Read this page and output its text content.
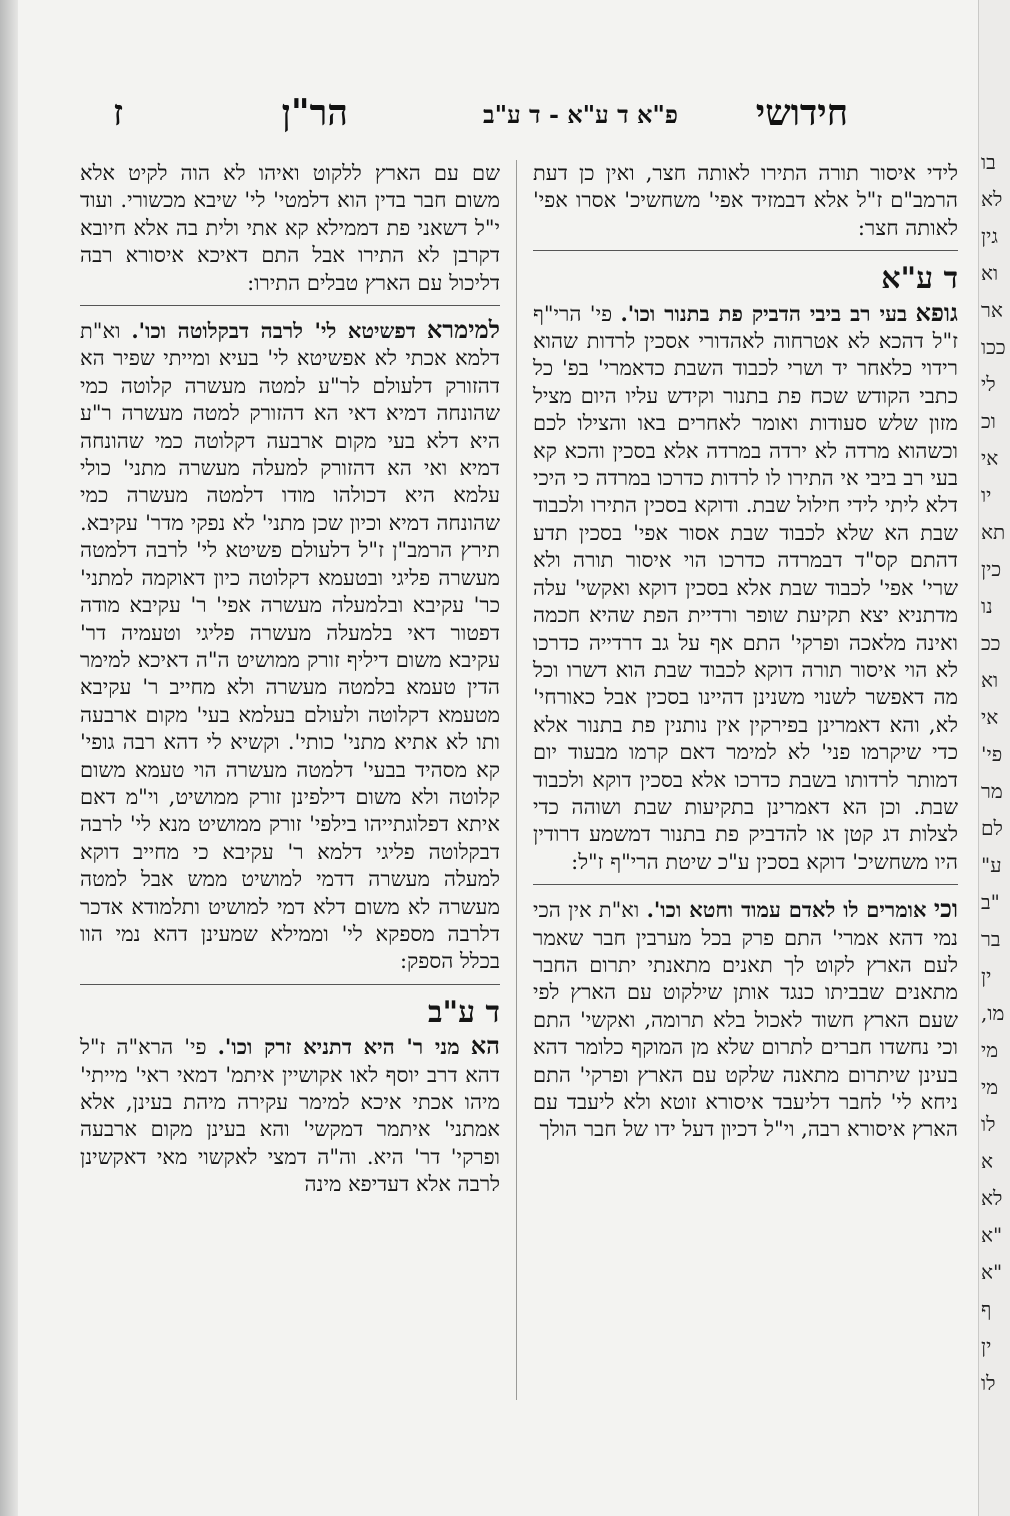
חידושי
פ"א ד ע"א - ד ע"ב
הר"ן
ז

לידי איסור תורה התירו לאותה חצר, ואין כן דעת הרמב"ם ז"ל אלא דבמזיד אפי' משחשיכ' אסרו אפי' לאותה חצר:

ד ע"א

גופא בעי רב ביבי הדביק פת בתנור וכו'. פי' הרי"ף ז"ל דהכא לא אטרחוה לאהדורי אסכין לרדות שהוא רידוי כלאחר יד ושרי לכבוד השבת כדאמרי' בפ' כל כתבי הקודש שכח פת בתנור וקידש עליו היום מציל מזון שלש סעודות ואומר לאחרים באו והצילו לכם וכשהוא מרדה לא ירדה במרדה אלא בסכין והכא קא בעי רב ביבי אי התירו לו לרדות כדרכו במרדה כי היכי דלא ליתי לידי חילול שבת. ודוקא בסכין התירו ולכבוד שבת הא שלא לכבוד שבת אסור אפי' בסכין תדע דהתם קס"ד דבמרדה כדרכו הוי איסור תורה ולא שרי' אפי' לכבוד שבת אלא בסכין דוקא ואקשי' עלה מדתניא יצא תקיעת שופר ורדיית הפת שהיא חכמה ואינה מלאכה ופרקי' התם אף על גב דרדייה כדרכו לא הוי איסור תורה דוקא לכבוד שבת הוא דשרו וכל מה דאפשר לשנוי משנינן דהיינו בסכין אבל כאורחי' לא, והא דאמרינן בפירקין אין נותנין פת בתנור אלא כדי שיקרמו פני' לא למימר דאם קרמו מבעוד יום דמותר לרדותו בשבת כדרכו אלא בסכין דוקא ולכבוד שבת. וכן הא דאמרינן בתקיעות שבת ושוהה כדי לצלות דג קטן או להדביק פת בתנור דמשמע דרודין היו משחשיכ' דוקא בסכין ע"כ שיטת הרי"ף ז"ל:

וכי אומרים לו לאדם עמוד וחטא וכו'. וא"ת אין הכי נמי דהא אמרי' התם פרק בכל מערבין חבר שאמר לעם הארץ לקוט לך תאנים מתאנתי יתרום החבר מתאנים שבביתו כנגד אותן שילקוט עם הארץ לפי שעם הארץ חשוד לאכול בלא תרומה, ואקשי' התם וכי נחשדו חברים לתרום שלא מן המוקף כלומר דהא בעינן שיתרום מתאנה שלקט עם הארץ ופרקי' התם ניחא לי' לחבר דליעבד איסורא זוטא ולא ליעבד עם הארץ איסורא רבה, וי"ל דכיון דעל ידו של חבר הולך

שם עם הארץ ללקוט ואיהו לא הוה לקיט אלא משום חבר בדין הוא דלמטי' לי' שיבא מכשורי. ועוד י"ל דשאני פת דממילא קא אתי ולית בה אלא חיובא דקרבן לא התירו אבל התם דאיכא איסורא רבה דליכול עם הארץ טבלים התירו:

למימרא דפשיטא לי' לרבה דבקלוטה וכו'. וא"ת דלמא אכתי לא אפשיטא לי' בעיא ומייתי שפיר הא דהזורק דלעולם לר"ע למטה מעשרה קלוטה כמי שהונחה דמיא דאי הא דהזורק למטה מעשרה ר"ע היא דלא בעי מקום ארבעה דקלוטה כמי שהונחה דמיא ואי הא דהזורק למעלה מעשרה מתני' כולי עלמא היא דכולהו מודו דלמטה מעשרה כמי שהונחה דמיא וכיון שכן מתני' לא נפקי מדר' עקיבא. תירץ הרמב"ן ז"ל דלעולם פשיטא לי' לרבה דלמטה מעשרה פליגי ובטעמא דקלוטה כיון דאוקמה למתני' כר' עקיבא ובלמעלה מעשרה אפי' ר' עקיבא מודה דפטור דאי בלמעלה מעשרה פליגי וטעמיה דר' עקיבא משום דיליף זורק ממושיט ה"ה דאיכא למימר הדין טעמא בלמטה מעשרה ולא מחייב ר' עקיבא מטעמא דקלוטה ולעולם בעלמא בעי' מקום ארבעה ותו לא אתיא מתני' כותי'. וקשיא לי דהא רבה גופי' קא מסהיד בבעי' דלמטה מעשרה הוי טעמא משום קלוטה ולא משום דילפינן זורק ממושיט, וי"מ דאם איתא דפלוגתייהו בילפי' זורק ממושיט מנא לי' לרבה דבקלוטה פליגי דלמא ר' עקיבא כי מחייב דוקא למעלה מעשרה דדמי למושיט ממש אבל למטה מעשרה לא משום דלא דמי למושיט ותלמודא אדכר דלרבה מספקא לי' וממילא שמעינן דהא נמי הוו בכלל הספק:

ד ע"ב

הא מני ר' היא דתניא זרק וכו'. פי' הרא"ה ז"ל דהא דרב יוסף לאו אקושיין איתמ' דמאי ראי' מייתי' מיהו אכתי איכא למימר עקירה מיהת בעינן, אלא אמתני' איתמר דמקשי' והא בעינן מקום ארבעה ופרקי' דר' היא. וה"ה דמצי לאקשוי מאי דאקשינן לרבה אלא דעדיפא מינה

בו
לא
גין
וא
אר
ככו
לי
וכ
אי
יו
תא
כין
נו
ככ
וא
אי
פי'
מר
לם
ע"
"ב
בר
ין
מו,
מי
מי
לו
א
לא
"א
"א
ף
ין
לו
